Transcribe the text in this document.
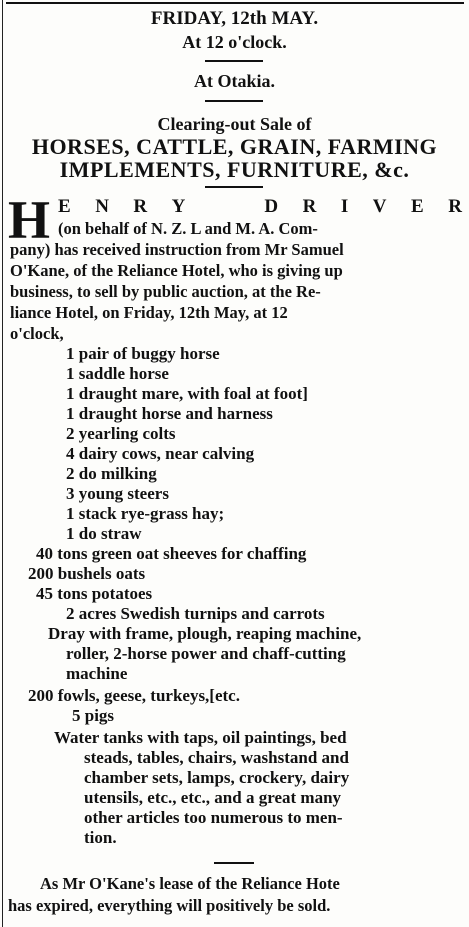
FRIDAY, 12th MAY.
At 12 o'clock.
At Otakia.
Clearing-out Sale of
HORSES, CATTLE, GRAIN, FARMING
IMPLEMENTS, FURNITURE, &c.
H E N R Y	D R I V E R
(on behalf of N. Z. L and M. A. Com-
pany) has received instruction from Mr Samuel
O'Kane, of the Reliance Hotel, who is giving up
business, to sell by public auction, at the Re-
liance Hotel, on Friday, 12th May, at 12
o'clock,
1 pair of buggy horse
1 saddle horse
1 draught mare, with foal at foot]
1 draught horse and harness
2 yearling colts
4 dairy cows, near calving
2 do milking
3 young steers
1 stack rye-grass hay;
1 do straw
40 tons green oat sheeves for chaffing
200 bushels oats
45 tons potatoes
2 acres Swedish turnips and carrots
Dray with frame, plough, reaping machine,
roller, 2-horse power and chaff-cutting
machine
200 fowls, geese, turkeys,[etc.
5 pigs
Water tanks with taps, oil paintings, bed
steads, tables, chairs, washstand and
chamber sets, lamps, crockery, dairy
utensils, etc., etc., and a great many
other articles too numerous to men-
tion.
As Mr O'Kane's lease of the Reliance Hote
has expired, everything will positively be sold.
